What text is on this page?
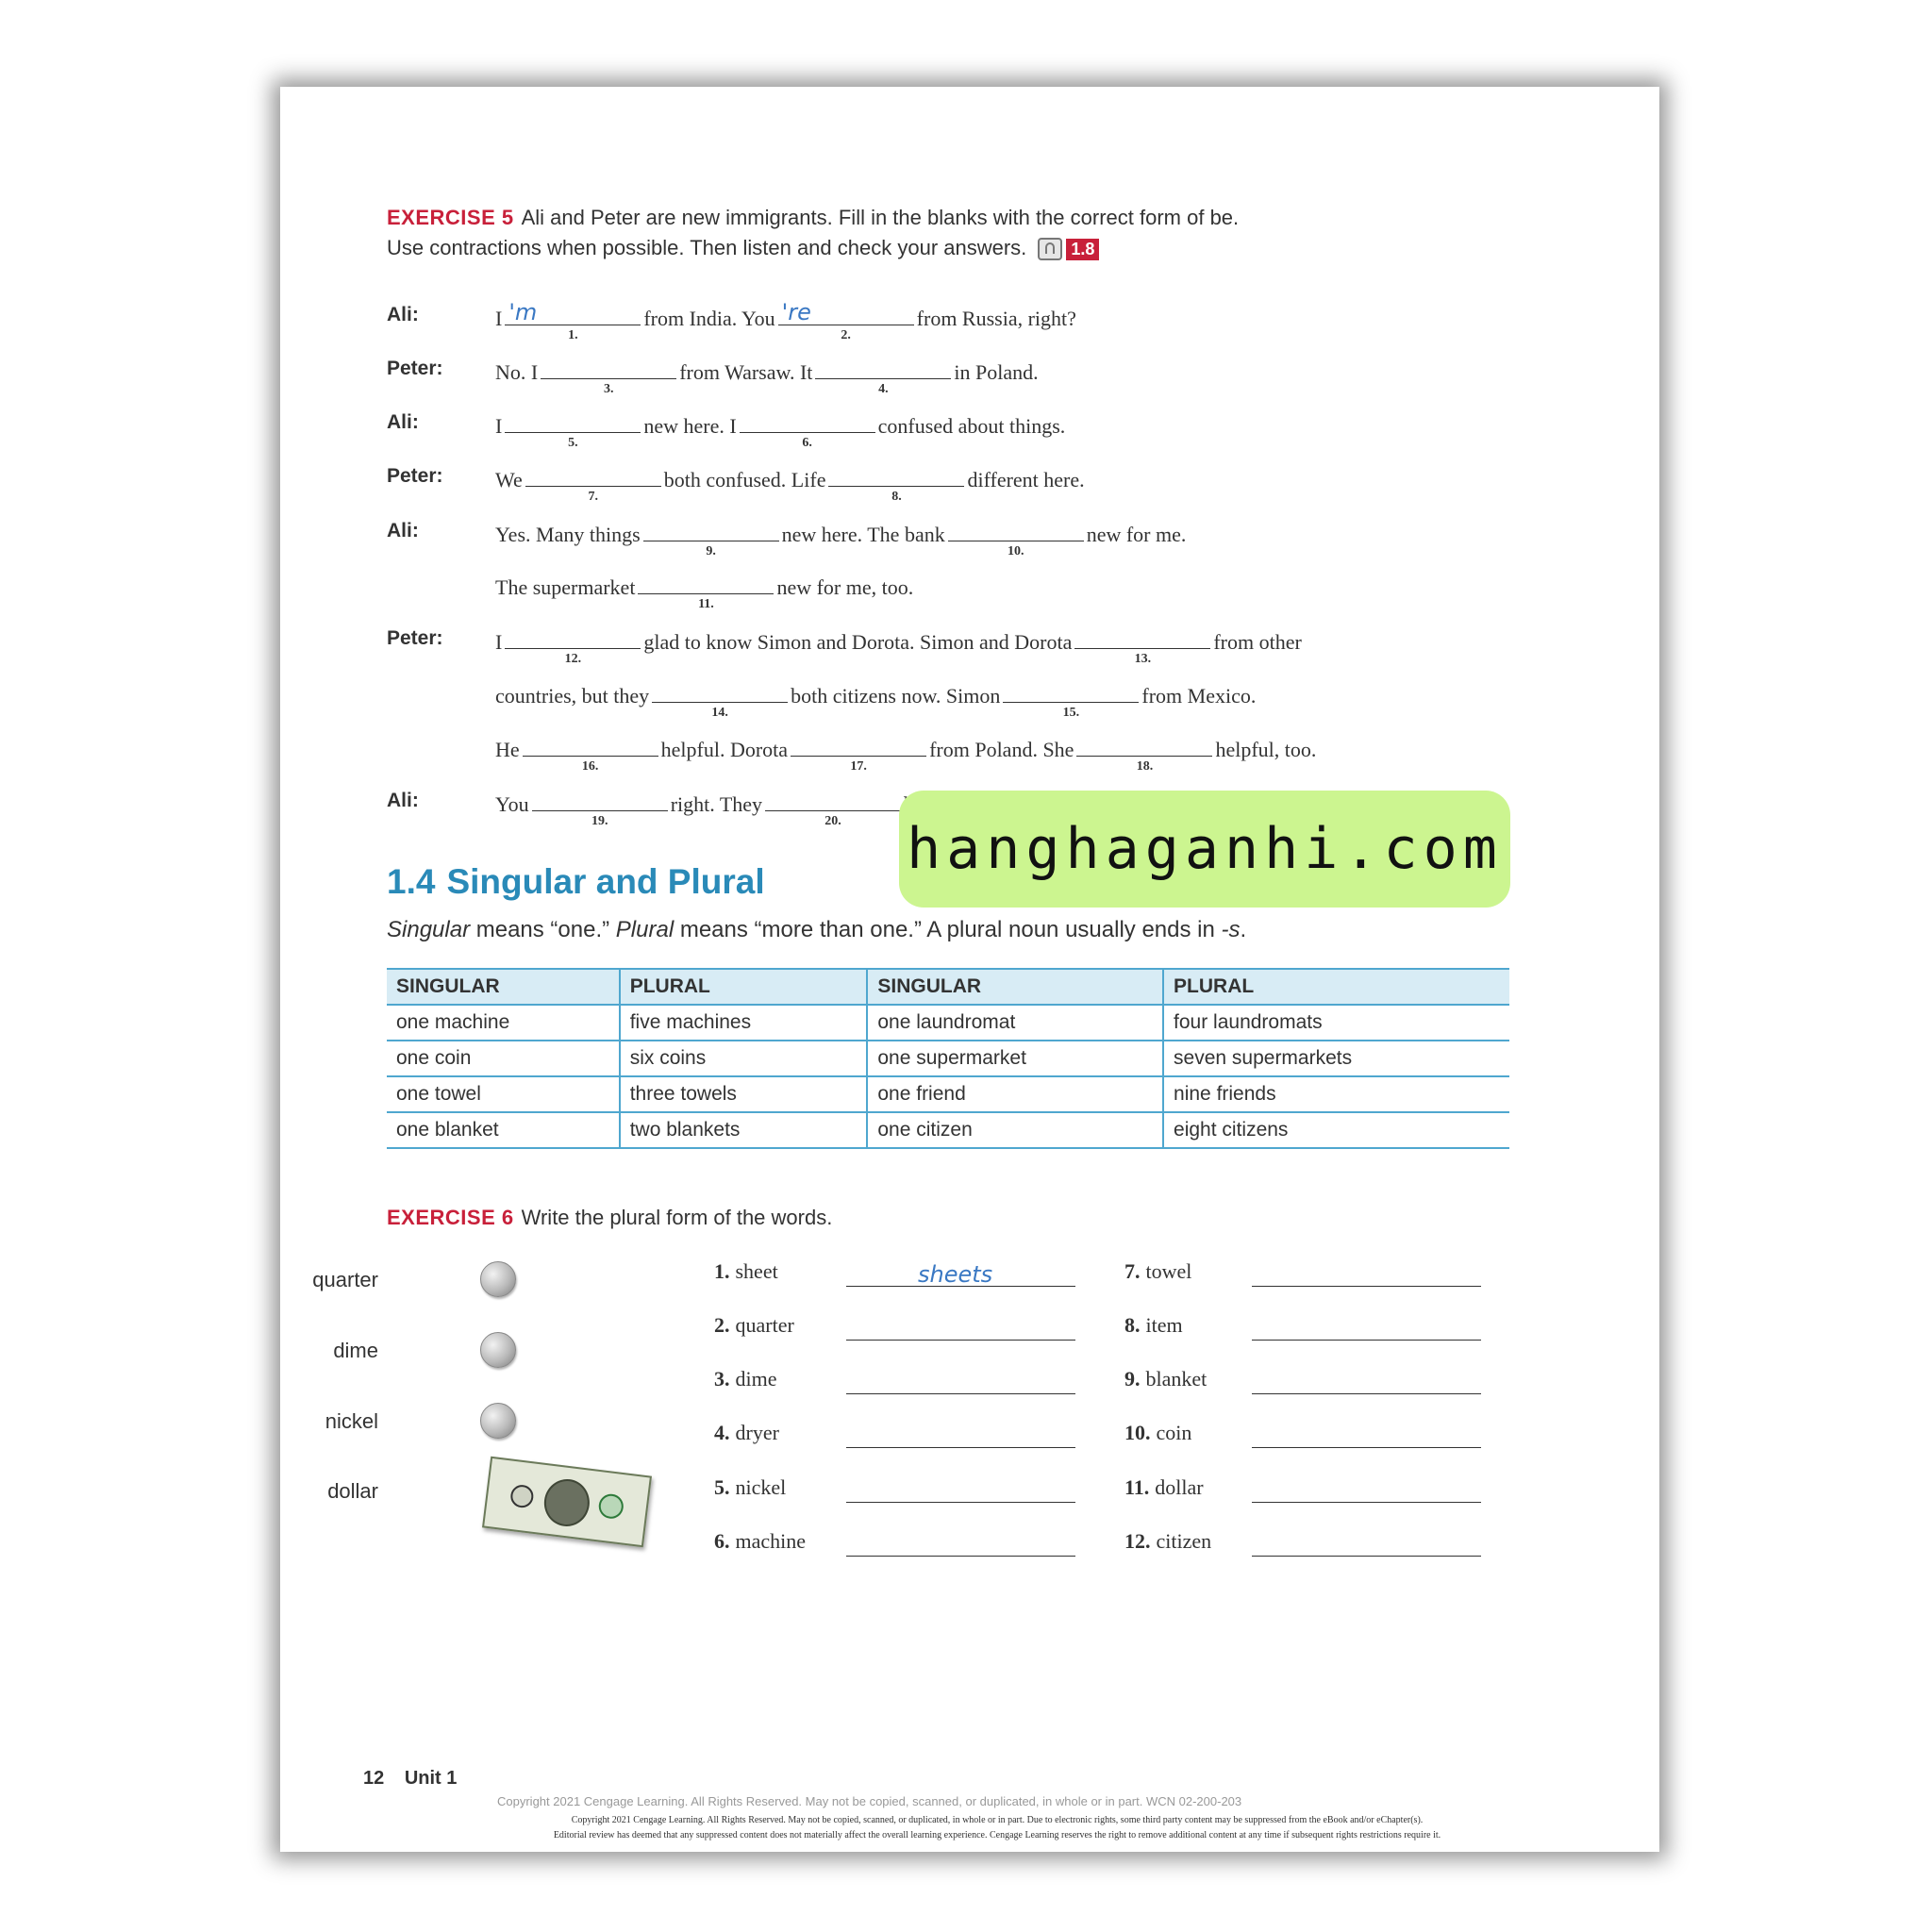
EXERCISE 5 Ali and Peter are new immigrants. Fill in the blanks with the correct form of be.
Use contractions when possible. Then listen and check your answers.	1.8
Ali:	I 'm
1.
from India. You 're
2.
from Russia, right?
Peter:	No. I
3.
from Warsaw. It
4.
in Poland.
Ali:	I
5.
new here. I
6.
confused about things.
Peter:	We
7.
both confused. Life
8.
different here.
Ali:	Yes. Many things
9.
new here. The bank
10.
new for me.
The supermarket
11.
new for me, too.
Peter:	I
12.
glad to know Simon and Dorota. Simon and Dorota
13.
from other
countries, but they
14.
both citizens now. Simon
15.
from Mexico.
He
16.
helpful. Dorota
17.
from Poland. She
18.
helpful, too.
Ali:	You
19.
right. They
20.
1.4 Singular and Plural
Singular means “one.” Plural means “more than one.” A plural noun usually ends in -s.
SINGULAR	PLURAL	SINGULAR	PLURAL
one machine	five machines	one laundromat	four laundromats
one coin	six coins	one supermarket	seven supermarkets
one towel	three towels	one friend	nine friends
one blanket	two blankets	one citizen	eight citizens
EXERCISE 6 Write the plural form of the words.
quarter
dime
nickel
dollar
1. sheet	sheets
2. quarter
3. dime
4. dryer
5. nickel
6. machine
7. towel
8. item
9. blanket
10. coin
11. dollar
12. citizen
12 Unit 1
Copyright 2021 Cengage Learning. All Rights Reserved. May not be copied, scanned, or duplicated, in whole or in part. WCN 02-200-203
Copyright 2021 Cengage Learning. All Rights Reserved. May not be copied, scanned, or duplicated, in whole or in part. Due to electronic rights, some third party content may be suppressed from the eBook and/or eChapter(s).
Editorial review has deemed that any suppressed content does not materially affect the overall learning experience. Cengage Learning reserves the right to remove additional content at any time if subsequent rights restrictions require it.
hanghaganhi.com
